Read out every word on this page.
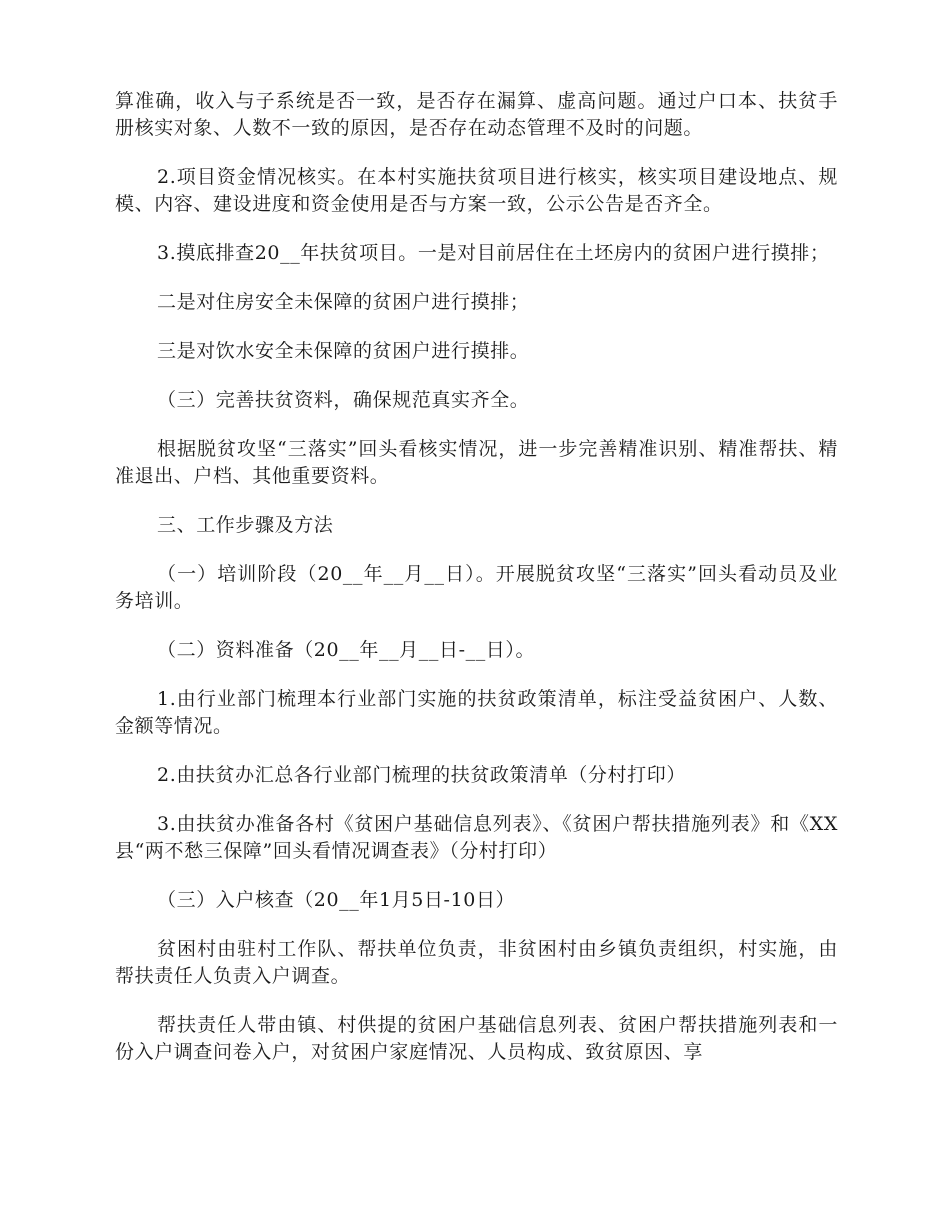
算准确，收入与子系统是否一致，是否存在漏算、虚高问题。通过户口本、扶贫手册核实对象、人数不一致的原因，是否存在动态管理不及时的问题。

2.项目资金情况核实。在本村实施扶贫项目进行核实，核实项目建设地点、规模、内容、建设进度和资金使用是否与方案一致，公示公告是否齐全。

3.摸底排查20__年扶贫项目。一是对目前居住在土坯房内的贫困户进行摸排；

二是对住房安全未保障的贫困户进行摸排；

三是对饮水安全未保障的贫困户进行摸排。

（三）完善扶贫资料，确保规范真实齐全。

根据脱贫攻坚“三落实”回头看核实情况，进一步完善精准识别、精准帮扶、精准退出、户档、其他重要资料。

三、工作步骤及方法

（一）培训阶段（20__年__月__日）。开展脱贫攻坚“三落实”回头看动员及业务培训。

（二）资料准备（20__年__月__日-__日）。

1.由行业部门梳理本行业部门实施的扶贫政策清单，标注受益贫困户、人数、金额等情况。

2.由扶贫办汇总各行业部门梳理的扶贫政策清单（分村打印）

3.由扶贫办准备各村《贫困户基础信息列表》、《贫困户帮扶措施列表》和《XX县“两不愁三保障”回头看情况调查表》（分村打印）

（三）入户核查（20__年1月5日-10日）

贫困村由驻村工作队、帮扶单位负责，非贫困村由乡镇负责组织，村实施，由帮扶责任人负责入户调查。

帮扶责任人带由镇、村供提的贫困户基础信息列表、贫困户帮扶措施列表和一份入户调查问卷入户，对贫困户家庭情况、人员构成、致贫原因、享
